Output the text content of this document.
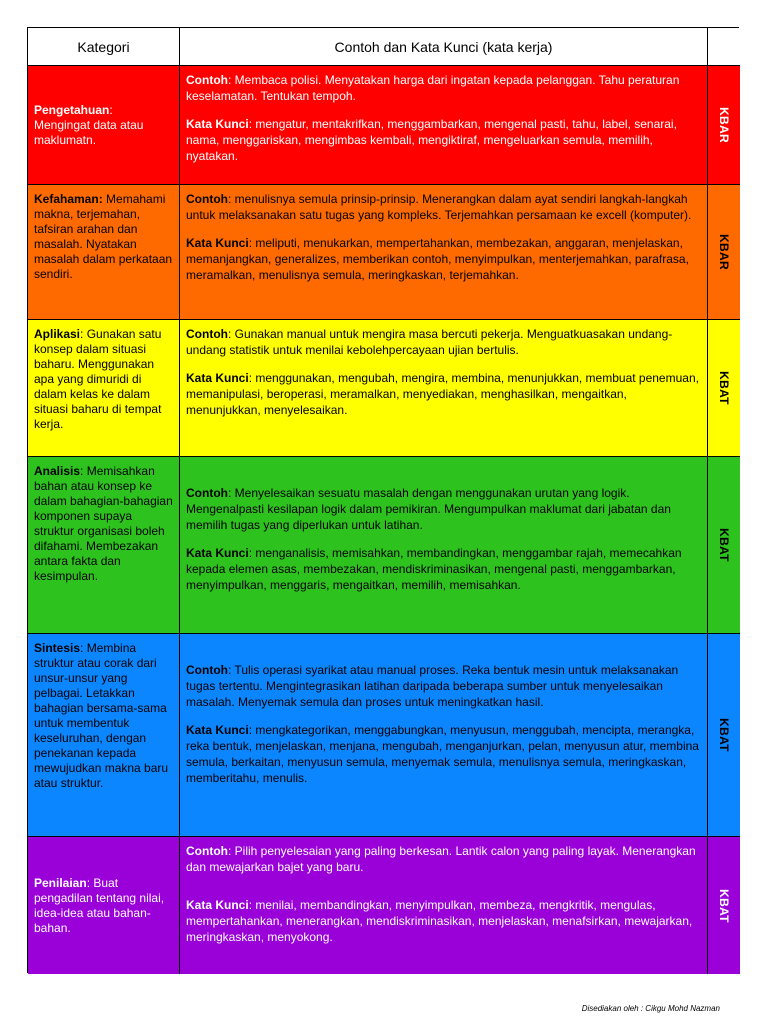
Kategori	Contoh dan Kata Kunci (kata kerja)
Pengetahuan:
Mengingat data atau maklumatn.

Contoh: Membaca polisi. Menyatakan harga dari ingatan kepada pelanggan. Tahu peraturan keselamatan. Tentukan tempoh.

Kata Kunci: mengatur, mentakrifkan, menggambarkan, mengenal pasti, tahu, label, senarai, nama, menggariskan, mengimbas kembali, mengiktiraf, mengeluarkan semula, memilih, nyatakan.

KBAR
Kefahaman: Memahami makna, terjemahan, tafsiran arahan dan masalah. Nyatakan masalah dalam perkataan sendiri.

Contoh: menulisnya semula prinsip-prinsip. Menerangkan dalam ayat sendiri langkah-langkah untuk melaksanakan satu tugas yang kompleks. Terjemahkan persamaan ke excell (komputer).

Kata Kunci: meliputi, menukarkan, mempertahankan, membezakan, anggaran, menjelaskan, memanjangkan, generalizes, memberikan contoh, menyimpulkan, menterjemahkan, parafrasa, meramalkan, menulisnya semula, meringkaskan, terjemahkan.

KBAR
Aplikasi: Gunakan satu konsep dalam situasi baharu. Menggunakan apa yang dimuridi di dalam kelas ke dalam situasi baharu di tempat kerja.

Contoh: Gunakan manual untuk mengira masa bercuti pekerja. Menguatkuasakan undang-undang statistik untuk menilai kebolehpercayaan ujian bertulis.

Kata Kunci: menggunakan, mengubah, mengira, membina, menunjukkan, membuat penemuan, memanipulasi, beroperasi, meramalkan, menyediakan, menghasilkan, mengaitkan, menunjukkan, menyelesaikan.

KBAT
Analisis: Memisahkan bahan atau konsep ke dalam bahagian-bahagian komponen supaya struktur organisasi boleh difahami. Membezakan antara fakta dan kesimpulan.

Contoh: Menyelesaikan sesuatu masalah dengan menggunakan urutan yang logik. Mengenalpasti kesilapan logik dalam pemikiran. Mengumpulkan maklumat dari jabatan dan memilih tugas yang diperlukan untuk latihan.

Kata Kunci: menganalisis, memisahkan, membandingkan, menggambar rajah, memecahkan kepada elemen asas, membezakan, mendiskriminasikan, mengenal pasti, menggambarkan, menyimpulkan, menggaris, mengaitkan, memilih, memisahkan.

KBAT
Sintesis: Membina struktur atau corak dari unsur-unsur yang pelbagai. Letakkan bahagian bersama-sama untuk membentuk keseluruhan, dengan penekanan kepada mewujudkan makna baru atau struktur.

Contoh: Tulis operasi syarikat atau manual proses. Reka bentuk mesin untuk melaksanakan tugas tertentu. Mengintegrasikan latihan daripada beberapa sumber untuk menyelesaikan masalah. Menyemak semula dan proses untuk meningkatkan hasil.

Kata Kunci: mengkategorikan, menggabungkan, menyusun, menggubah, mencipta, merangka, reka bentuk, menjelaskan, menjana, mengubah, menganjurkan, pelan, menyusun atur, membina semula, berkaitan, menyusun semula, menyemak semula, menulisnya semula, meringkaskan, memberitahu, menulis.

KBAT
Penilaian: Buat pengadilan tentang nilai, idea-idea atau bahan-bahan.

Contoh: Pilih penyelesaian yang paling berkesan. Lantik calon yang paling layak. Menerangkan dan mewajarkan bajet yang baru.

Kata Kunci: menilai, membandingkan, menyimpulkan, membeza, mengkritik, mengulas, mempertahankan, menerangkan, mendiskriminasikan, menjelaskan, menafsirkan, mewajarkan, meringkaskan, menyokong.

KBAT
Disediakan oleh : Cikgu Mohd Nazman
